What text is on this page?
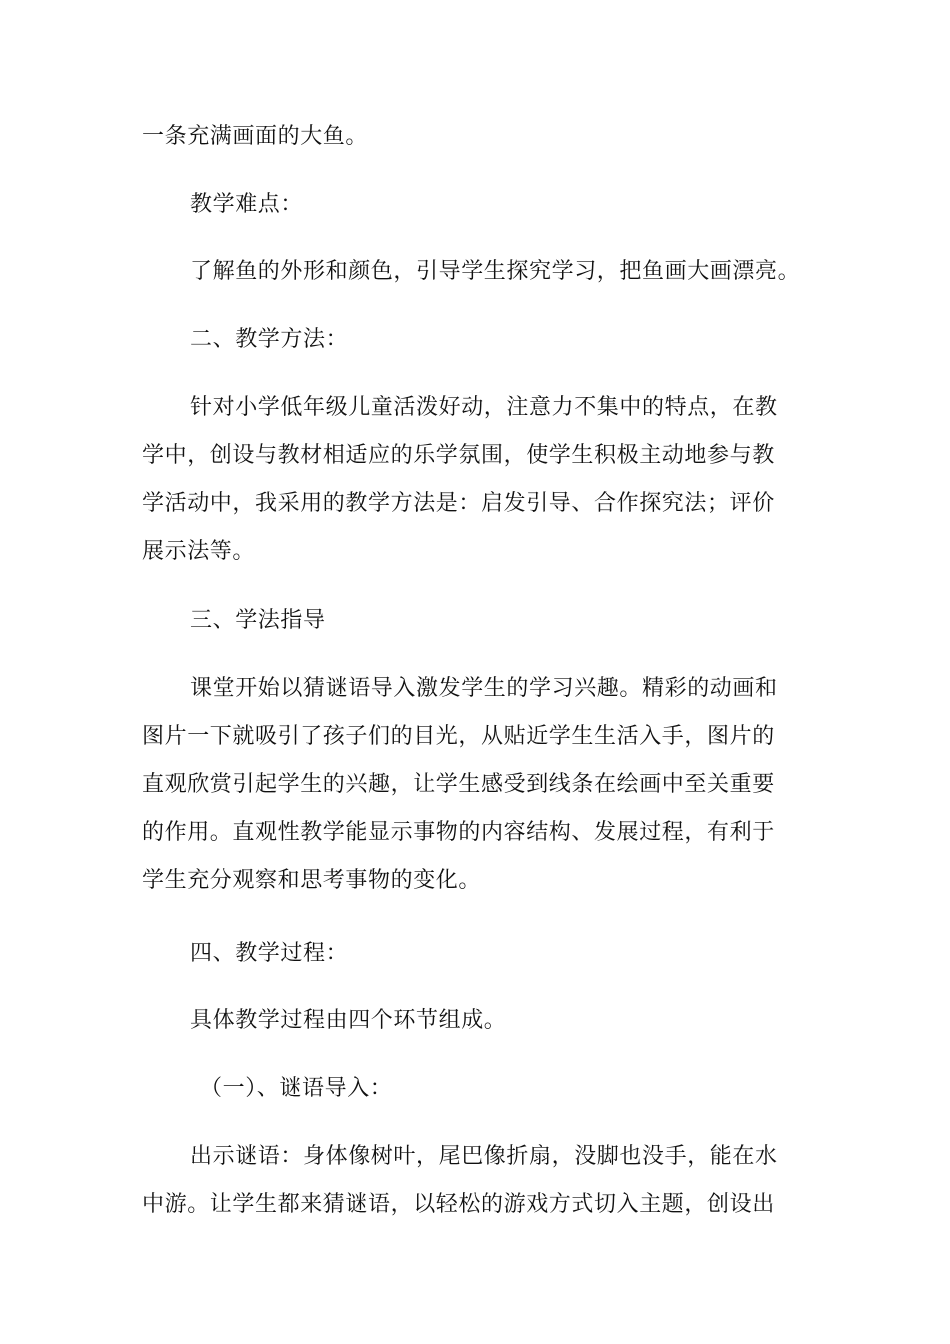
一条充满画面的大鱼。
教学难点：
了解鱼的外形和颜色，引导学生探究学习，把鱼画大画漂亮。
二、教学方法：
针对小学低年级儿童活泼好动，注意力不集中的特点，在教
学中，创设与教材相适应的乐学氛围，使学生积极主动地参与教
学活动中，我采用的教学方法是：启发引导、合作探究法；评价
展示法等。
三、学法指导
课堂开始以猜谜语导入激发学生的学习兴趣。精彩的动画和
图片一下就吸引了孩子们的目光，从贴近学生生活入手，图片的
直观欣赏引起学生的兴趣，让学生感受到线条在绘画中至关重要
的作用。直观性教学能显示事物的内容结构、发展过程，有利于
学生充分观察和思考事物的变化。
四、教学过程：
具体教学过程由四个环节组成。
（一）、谜语导入：
出示谜语：身体像树叶，尾巴像折扇，没脚也没手，能在水
中游。让学生都来猜谜语，以轻松的游戏方式切入主题，创设出
